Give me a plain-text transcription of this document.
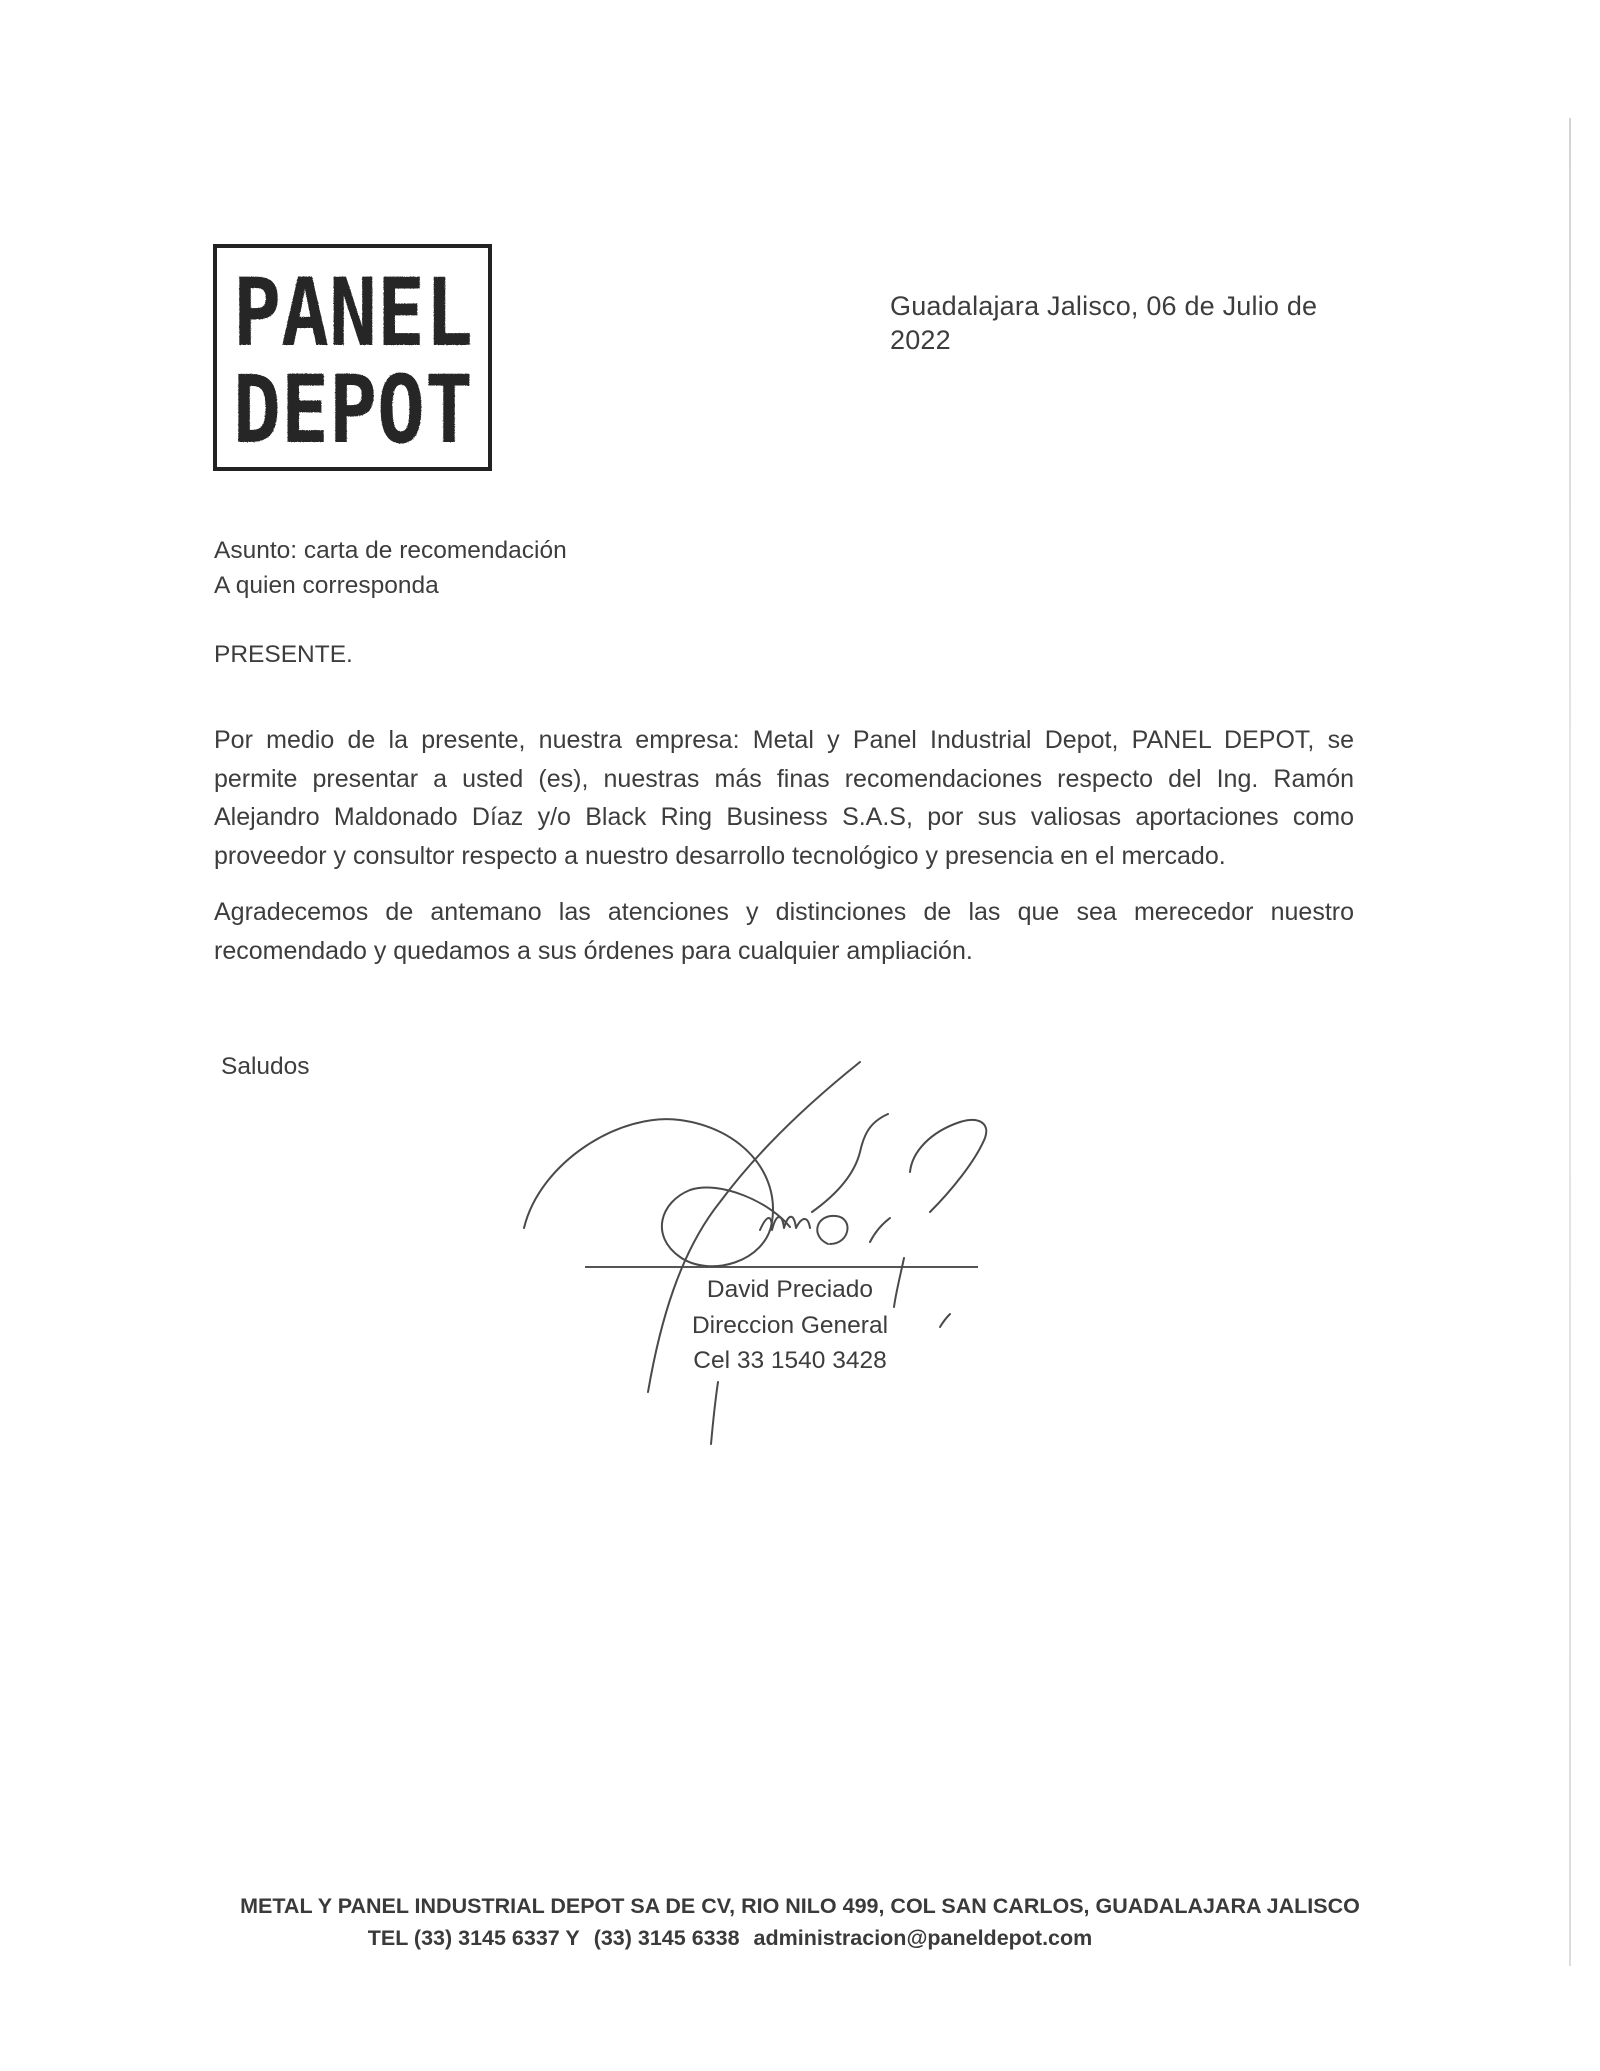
PANEL
DEPOT
Guadalajara Jalisco, 06 de Julio de 2022
Asunto: carta de recomendación
A quien corresponda
PRESENTE.

Por medio de la presente, nuestra empresa: Metal y Panel Industrial Depot, PANEL DEPOT, se permite presentar a usted (es), nuestras más finas recomendaciones respecto del Ing. Ramón Alejandro Maldonado Díaz y/o Black Ring Business S.A.S, por sus valiosas aportaciones como proveedor y consultor respecto a nuestro desarrollo tecnológico y presencia en el mercado.

Agradecemos de antemano las atenciones y distinciones de las que sea merecedor nuestro recomendado y quedamos a sus órdenes para cualquier ampliación.

Saludos
David Preciado
Direccion General
Cel 33 1540 3428
METAL Y PANEL INDUSTRIAL DEPOT SA DE CV, RIO NILO 499, COL SAN CARLOS, GUADALAJARA JALISCO
TEL (33) 3145 6337 Y (33) 3145 6338 administracion@paneldepot.com
